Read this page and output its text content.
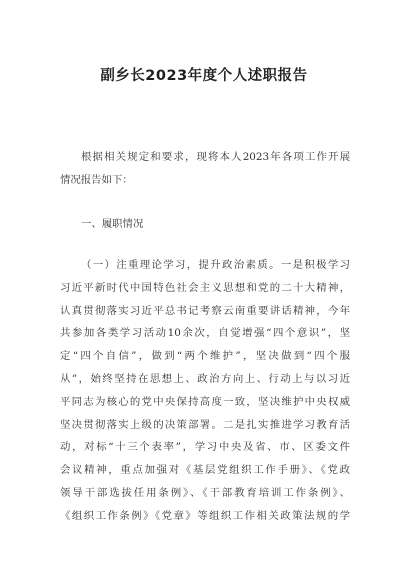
副乡长2023年度个人述职报告
根据相关规定和要求，现将本人2023年各项工作开展
情况报告如下：
一、履职情况
（一）注重理论学习，提升政治素质。一是积极学习
习近平新时代中国特色社会主义思想和党的二十大精神，
认真贯彻落实习近平总书记考察云南重要讲话精神，今年
共参加各类学习活动10余次，自觉增强“四个意识”，坚
定“四个自信”，做到“两个维护”，坚决做到“四个服
从”，始终坚持在思想上、政治方向上、行动上与以习近
平同志为核心的党中央保持高度一致，坚决维护中央权威
坚决贯彻落实上级的决策部署。二是扎实推进学习教育活
动，对标“十三个表率”，学习中央及省、市、区委文件
会议精神，重点加强对《基层党组织工作手册》、《党政
领导干部选拔任用条例》、《干部教育培训工作条例》、
《组织工作条例》《党章》等组织工作相关政策法规的学
